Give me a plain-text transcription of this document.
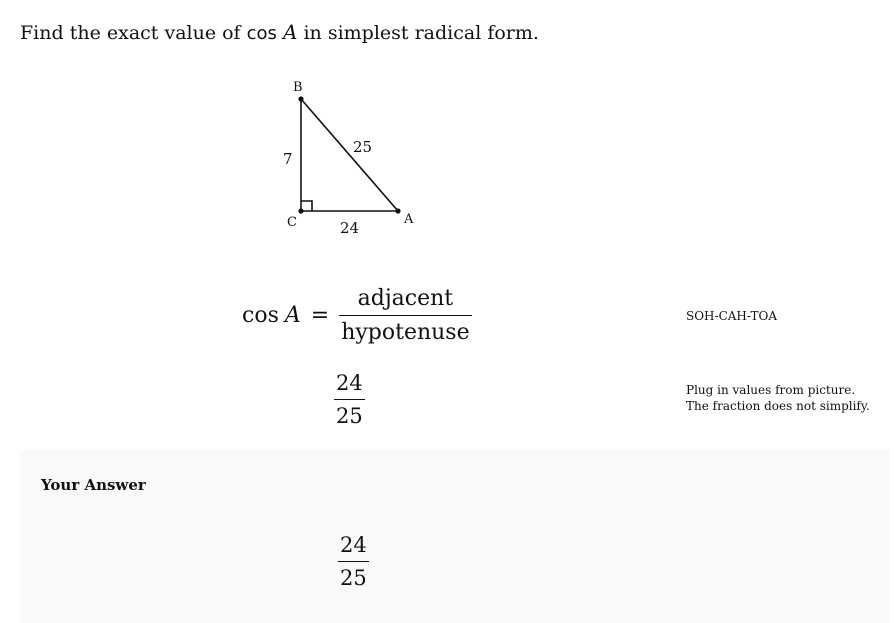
Find the exact value of cos A in simplest radical form.
B
C	A
7
25
24
$\cos A = \frac{\text{adjacent}}{\text{hypotenuse}}$	SOH-CAH-TOA
24
25
Plug in values from picture. The fraction does not simplify.
Your Answer
24
25
